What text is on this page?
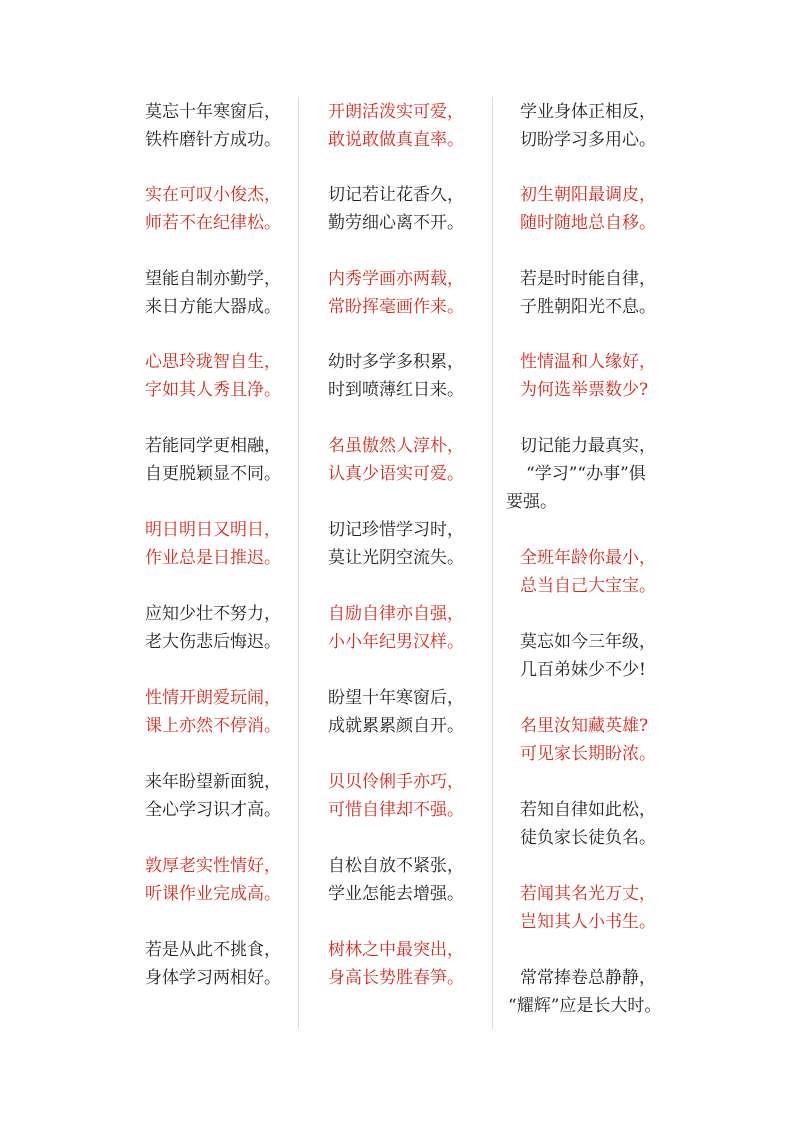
莫忘十年寒窗后，
铁杵磨针方成功。
实在可叹小俊杰，
师若不在纪律松。
望能自制亦勤学，
来日方能大器成。
心思玲珑智自生，
字如其人秀且净。
若能同学更相融，
自更脱颖显不同。
明日明日又明日，
作业总是日推迟。
应知少壮不努力，
老大伤悲后悔迟。
性情开朗爱玩闹，
课上亦然不停消。
来年盼望新面貌，
全心学习识才高。
敦厚老实性情好，
听课作业完成高。
若是从此不挑食，
身体学习两相好。
开朗活泼实可爱，
敢说敢做真直率。
切记若让花香久，
勤劳细心离不开。
内秀学画亦两载，
常盼挥毫画作来。
幼时多学多积累，
时到喷薄红日来。
名虽傲然人淳朴，
认真少语实可爱。
切记珍惜学习时，
莫让光阴空流失。
自励自律亦自强，
小小年纪男汉样。
盼望十年寒窗后，
成就累累颜自开。
贝贝伶俐手亦巧，
可惜自律却不强。
自松自放不紧张，
学业怎能去增强。
树林之中最突出，
身高长势胜春笋。
学业身体正相反，
切盼学习多用心。
初生朝阳最调皮，
随时随地总自移。
若是时时能自律，
子胜朝阳光不息。
性情温和人缘好，
为何选举票数少?
切记能力最真实，
“学习”“办事”俱
要强。
全班年龄你最小，
总当自己大宝宝。
莫忘如今三年级，
几百弟妹少不少!
名里汝知藏英雄?
可见家长期盼浓。
若知自律如此松，
徒负家长徒负名。
若闻其名光万丈，
岂知其人小书生。
常常捧卷总静静，
“耀辉”应是长大时。
